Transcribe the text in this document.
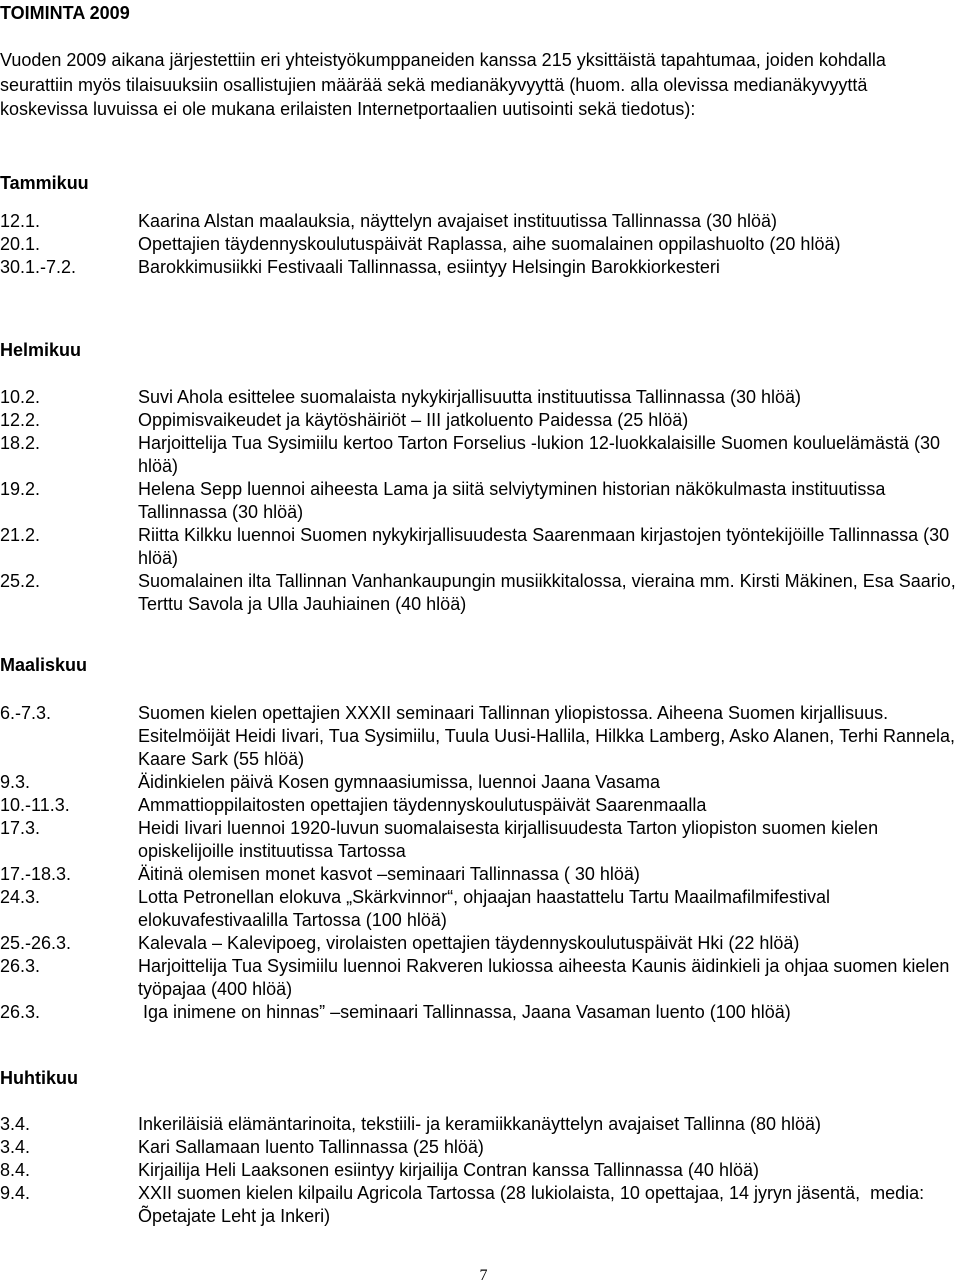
TOIMINTA 2009
Vuoden 2009 aikana järjestettiin eri yhteistyökumppaneiden kanssa 215 yksittäistä tapahtumaa, joiden kohdalla seurattiin myös tilaisuuksiin osallistujien määrää sekä medianäkyvyyttä (huom. alla olevissa medianäkyvyyttä koskevissa luvuissa ei ole mukana erilaisten Internetportaalien uutisointi sekä tiedotus):
Tammikuu
12.1.	Kaarina Alstan maalauksia, näyttelyn avajaiset instituutissa Tallinnassa (30 hlöä)
20.1.	Opettajien täydennyskoulutuspäivät Raplassa, aihe suomalainen oppilashuolto (20 hlöä)
30.1.-7.2.	Barokkimusiikki Festivaali Tallinnassa, esiintyy Helsingin Barokkiorkesteri
Helmikuu
10.2.	Suvi Ahola esittelee suomalaista nykykirjallisuutta instituutissa Tallinnassa (30 hlöä)
12.2.	Oppimisvaikeudet ja käytöshäiriöt – III jatkoluento Paidessa (25 hlöä)
18.2.	Harjoittelija Tua Sysimiilu kertoo Tarton Forselius -lukion 12-luokkalaisille Suomen kouluelämästä (30 hlöä)
19.2.	Helena Sepp luennoi aiheesta Lama ja siitä selviytyminen historian näkökulmasta instituutissa Tallinnassa (30 hlöä)
21.2.	Riitta Kilkku luennoi Suomen nykykirjallisuudesta Saarenmaan kirjastojen työntekijöille Tallinnassa (30 hlöä)
25.2.	Suomalainen ilta Tallinnan Vanhankaupungin musiikkitalossa, vieraina mm. Kirsti Mäkinen, Esa Saario, Terttu Savola ja Ulla Jauhiainen (40 hlöä)
Maaliskuu
6.-7.3.	Suomen kielen opettajien XXXII seminaari Tallinnan yliopistossa. Aiheena Suomen kirjallisuus. Esitelmöijät Heidi Iivari, Tua Sysimiilu, Tuula Uusi-Hallila, Hilkka Lamberg, Asko Alanen, Terhi Rannela, Kaare Sark (55 hlöä)
9.3.	Äidinkielen päivä Kosen gymnaasiumissa, luennoi Jaana Vasama
10.-11.3.	Ammattioppilaitosten opettajien täydennyskoulutuspäivät Saarenmaalla
17.3.	Heidi Iivari luennoi 1920-luvun suomalaisesta kirjallisuudesta Tarton yliopiston suomen kielen opiskelijoille instituutissa Tartossa
17.-18.3.	Äitinä olemisen monet kasvot –seminaari Tallinnassa ( 30 hlöä)
24.3.	Lotta Petronellan elokuva „Skärkvinnor“, ohjaajan haastattelu Tartu Maailmafilmifestival elokuvafestivaalilla Tartossa (100 hlöä)
25.-26.3.	Kalevala – Kalevipoeg, virolaisten opettajien täydennyskoulutuspäivät Hki (22 hlöä)
26.3.	Harjoittelija Tua Sysimiilu luennoi Rakveren lukiossa aiheesta Kaunis äidinkieli ja ohjaa suomen kielen työpajaa (400 hlöä)
26.3.	Iga inimene on hinnas” –seminaari Tallinnassa, Jaana Vasaman luento (100 hlöä)
Huhtikuu
3.4.	Inkeriläisiä elämäntarinoita, tekstiili- ja keramiikkanäyttelyn avajaiset Tallinna (80 hlöä)
3.4.	Kari Sallamaan luento Tallinnassa (25 hlöä)
8.4.	Kirjailija Heli Laaksonen esiintyy kirjailija Contran kanssa Tallinnassa (40 hlöä)
9.4.	XXII suomen kielen kilpailu Agricola Tartossa (28 lukiolaista, 10 opettajaa, 14 jyryn jäsentä,  media: Õpetajate Leht ja Inkeri)
7
